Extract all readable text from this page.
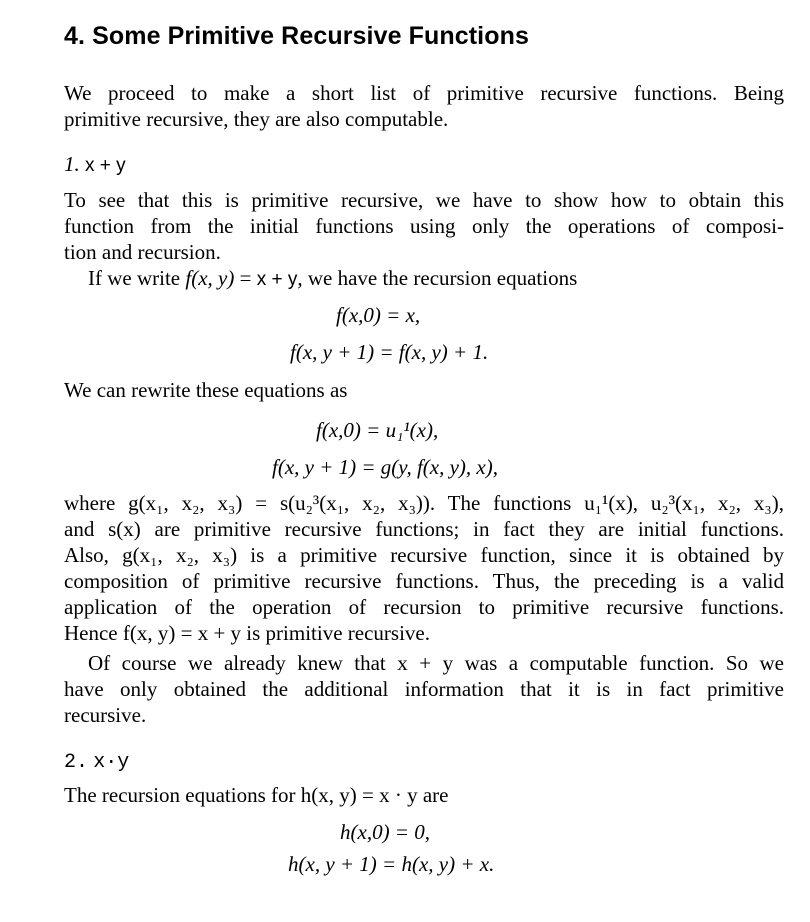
4. Some Primitive Recursive Functions
We proceed to make a short list of primitive recursive functions. Being
primitive recursive, they are also computable.
1. x + y
To see that this is primitive recursive, we have to show how to obtain this
function from the initial functions using only the operations of composi-
tion and recursion.
If we write f(x, y) = x + y, we have the recursion equations
f(x,0) = x,
f(x, y + 1) = f(x, y) + 1.
We can rewrite these equations as
f(x,0) = u₁¹(x),
f(x, y + 1) = g(y, f(x, y), x),
where g(x₁, x₂, x₃) = s(u₂³(x₁, x₂, x₃)). The functions u₁¹(x), u₂³(x₁, x₂, x₃),
and s(x) are primitive recursive functions; in fact they are initial functions.
Also, g(x₁, x₂, x₃) is a primitive recursive function, since it is obtained by
composition of primitive recursive functions. Thus, the preceding is a valid
application of the operation of recursion to primitive recursive functions.
Hence f(x, y) = x + y is primitive recursive.
Of course we already knew that x + y was a computable function. So we
have only obtained the additional information that it is in fact primitive
recursive.
2. x·y
The recursion equations for h(x, y) = x · y are
h(x,0) = 0,
h(x, y + 1) = h(x, y) + x.
